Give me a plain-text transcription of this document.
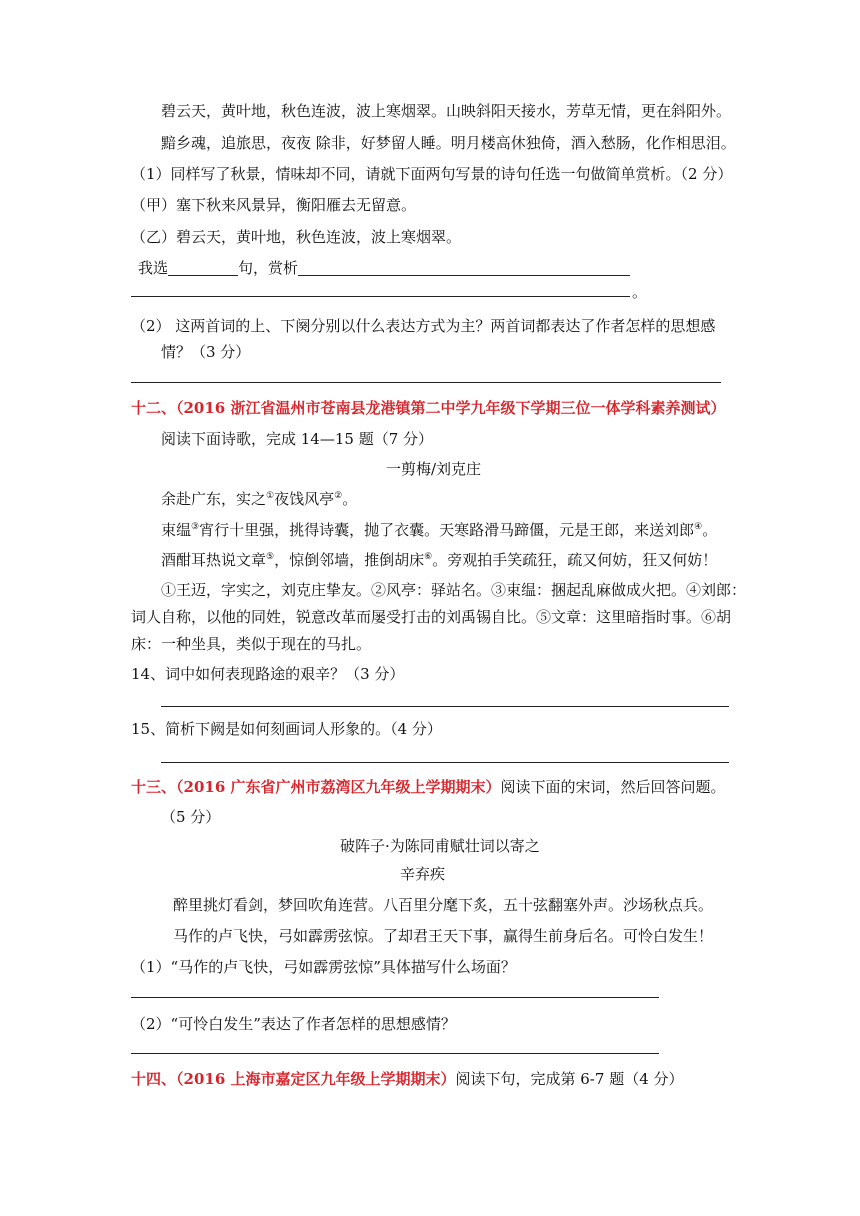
碧云天，黄叶地，秋色连波，波上寒烟翠。山映斜阳天接水，芳草无情，更在斜阳外。
黯乡魂，追旅思，夜夜 除非，好梦留人睡。明月楼高休独倚，酒入愁肠，化作相思泪。
（1）同样写了秋景，情味却不同，请就下面两句写景的诗句任选一句做简单赏析。（2 分）
（甲）塞下秋来风景异，衡阳雁去无留意。
（乙）碧云天，黄叶地，秋色连波，波上寒烟翠。
我选	句，赏析
。
（2） 这两首词的上、下阕分别以什么表达方式为主？两首词都表达了作者怎样的思想感
情？（3 分）
十二、（2016 浙江省温州市苍南县龙港镇第二中学九年级下学期三位一体学科素养测试）
阅读下面诗歌，完成 14—15 题（7 分）
一剪梅/刘克庄
余赴广东，实之①夜饯风亭②。
束缊③宵行十里强，挑得诗囊，抛了衣囊。天寒路滑马蹄僵，元是王郎，来送刘郎④。
酒酣耳热说文章⑤，惊倒邻墙，推倒胡床⑥。旁观拍手笑疏狂，疏又何妨，狂又何妨！
①王迈，字实之，刘克庄挚友。②风亭：驿站名。③束缊：捆起乱麻做成火把。④刘郎：
词人自称，以他的同姓，锐意改革而屡受打击的刘禹锡自比。⑤文章：这里暗指时事。⑥胡
床：一种坐具，类似于现在的马扎。
14、词中如何表现路途的艰辛？（3 分）
15、简析下阙是如何刻画词人形象的。（4 分）
十三、（2016 广东省广州市荔湾区九年级上学期期末）阅读下面的宋词，然后回答问题。
（5 分）
破阵子·为陈同甫赋壮词以寄之
辛弃疾
醉里挑灯看剑，梦回吹角连营。八百里分麾下炙，五十弦翻塞外声。沙场秋点兵。
马作的卢飞快，弓如霹雳弦惊。了却君王天下事，赢得生前身后名。可怜白发生！
（1）“马作的卢飞快，弓如霹雳弦惊”具体描写什么场面？
（2）“可怜白发生”表达了作者怎样的思想感情？
十四、（2016 上海市嘉定区九年级上学期期末）阅读下句，完成第 6-7 题（4 分）
